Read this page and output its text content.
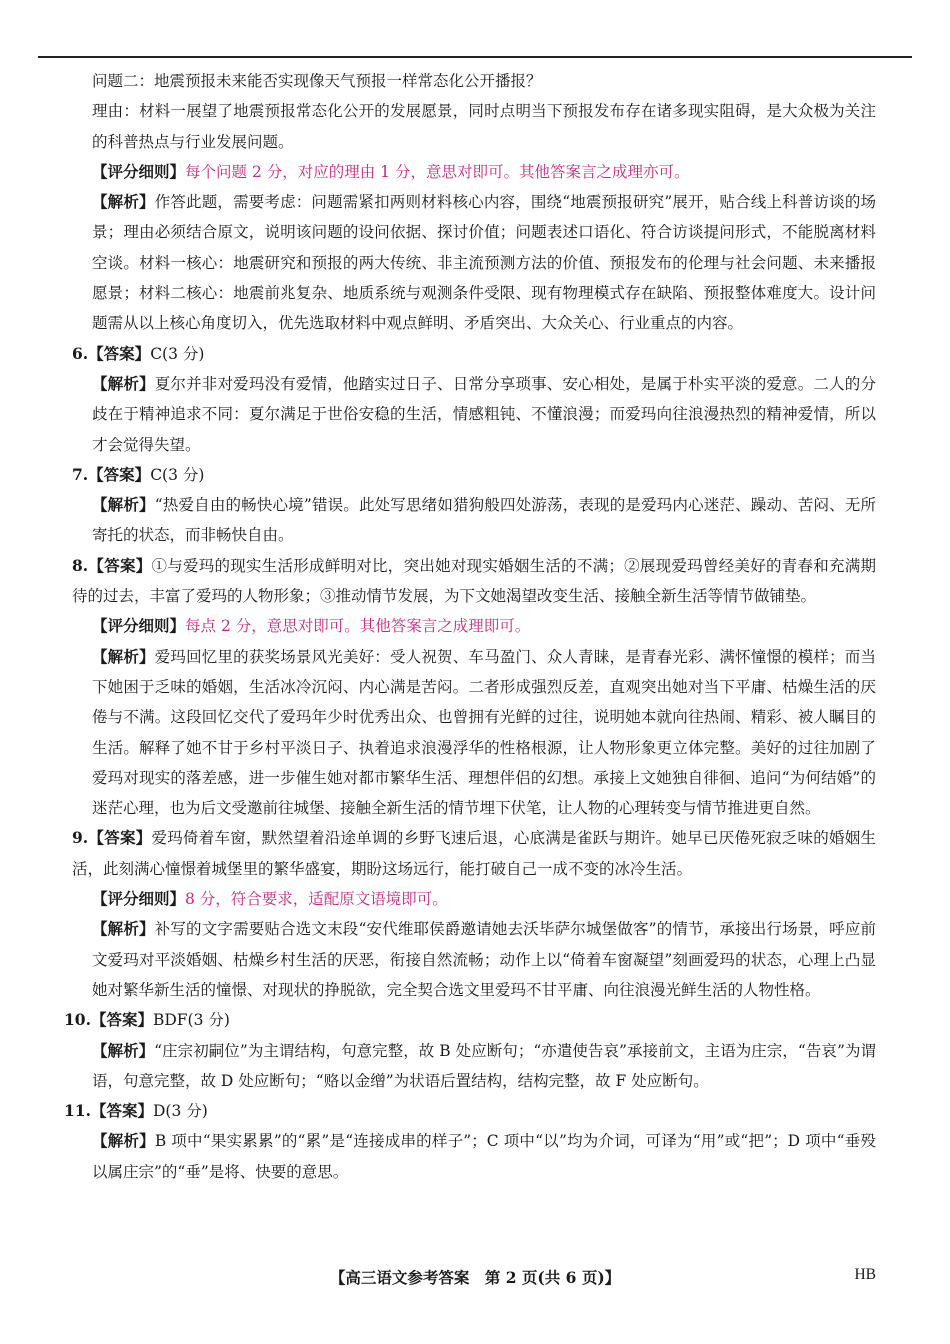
问题二：地震预报未来能否实现像天气预报一样常态化公开播报？

理由：材料一展望了地震预报常态化公开的发展愿景，同时点明当下预报发布存在诸多现实阻碍，是大众极为关注的科普热点与行业发展问题。

【评分细则】每个问题 2 分，对应的理由 1 分，意思对即可。其他答案言之成理亦可。

【解析】作答此题，需要考虑：问题需紧扣两则材料核心内容，围绕“地震预报研究”展开，贴合线上科普访谈的场景；理由必须结合原文，说明该问题的设问依据、探讨价值；问题表述口语化、符合访谈提问形式，不能脱离材料空谈。材料一核心：地震研究和预报的两大传统、非主流预测方法的价值、预报发布的伦理与社会问题、未来播报愿景；材料二核心：地震前兆复杂、地质系统与观测条件受限、现有物理模式存在缺陷、预报整体难度大。设计问题需从以上核心角度切入，优先选取材料中观点鲜明、矛盾突出、大众关心、行业重点的内容。

6.【答案】C(3 分)

【解析】夏尔并非对爱玛没有爱情，他踏实过日子、日常分享琐事、安心相处，是属于朴实平淡的爱意。二人的分歧在于精神追求不同：夏尔满足于世俗安稳的生活，情感粗钝、不懂浪漫；而爱玛向往浪漫热烈的精神爱情，所以才会觉得失望。

7.【答案】C(3 分)

【解析】“热爱自由的畅快心境”错误。此处写思绪如猎狗般四处游荡，表现的是爱玛内心迷茫、躁动、苦闷、无所寄托的状态，而非畅快自由。

8.【答案】①与爱玛的现实生活形成鲜明对比，突出她对现实婚姻生活的不满；②展现爱玛曾经美好的青春和充满期待的过去，丰富了爱玛的人物形象；③推动情节发展，为下文她渴望改变生活、接触全新生活等情节做铺垫。

【评分细则】每点 2 分，意思对即可。其他答案言之成理即可。

【解析】爱玛回忆里的获奖场景风光美好：受人祝贺、车马盈门、众人青睐，是青春光彩、满怀憧憬的模样；而当下她困于乏味的婚姻，生活冰冷沉闷、内心满是苦闷。二者形成强烈反差，直观突出她对当下平庸、枯燥生活的厌倦与不满。这段回忆交代了爱玛年少时优秀出众、也曾拥有光鲜的过往，说明她本就向往热闹、精彩、被人瞩目的生活。解释了她不甘于乡村平淡日子、执着追求浪漫浮华的性格根源，让人物形象更立体完整。美好的过往加剧了爱玛对现实的落差感，进一步催生她对都市繁华生活、理想伴侣的幻想。承接上文她独自徘徊、追问“为何结婚”的迷茫心理，也为后文受邀前往城堡、接触全新生活的情节埋下伏笔，让人物的心理转变与情节推进更自然。

9.【答案】爱玛倚着车窗，默然望着沿途单调的乡野飞速后退，心底满是雀跃与期许。她早已厌倦死寂乏味的婚姻生活，此刻满心憧憬着城堡里的繁华盛宴，期盼这场远行，能打破自己一成不变的冰冷生活。

【评分细则】8 分，符合要求，适配原文语境即可。

【解析】补写的文字需要贴合选文末段“安代维耶侯爵邀请她去沃毕萨尔城堡做客”的情节，承接出行场景，呼应前文爱玛对平淡婚姻、枯燥乡村生活的厌恶，衔接自然流畅；动作上以“倚着车窗凝望”刻画爱玛的状态，心理上凸显她对繁华新生活的憧憬、对现状的挣脱欲，完全契合选文里爱玛不甘平庸、向往浪漫光鲜生活的人物性格。

10.【答案】BDF(3 分)

【解析】“庄宗初嗣位”为主谓结构，句意完整，故 B 处应断句；“亦遣使告哀”承接前文，主语为庄宗，“告哀”为谓语，句意完整，故 D 处应断句；“赂以金缯”为状语后置结构，结构完整，故 F 处应断句。

11.【答案】D(3 分)

【解析】B 项中“果实累累”的“累”是“连接成串的样子”；C 项中“以”均为介词，可译为“用”或“把”；D 项中“垂殁以属庄宗”的“垂”是将、快要的意思。

【高三语文参考答案　第 2 页(共 6 页)】	HB
